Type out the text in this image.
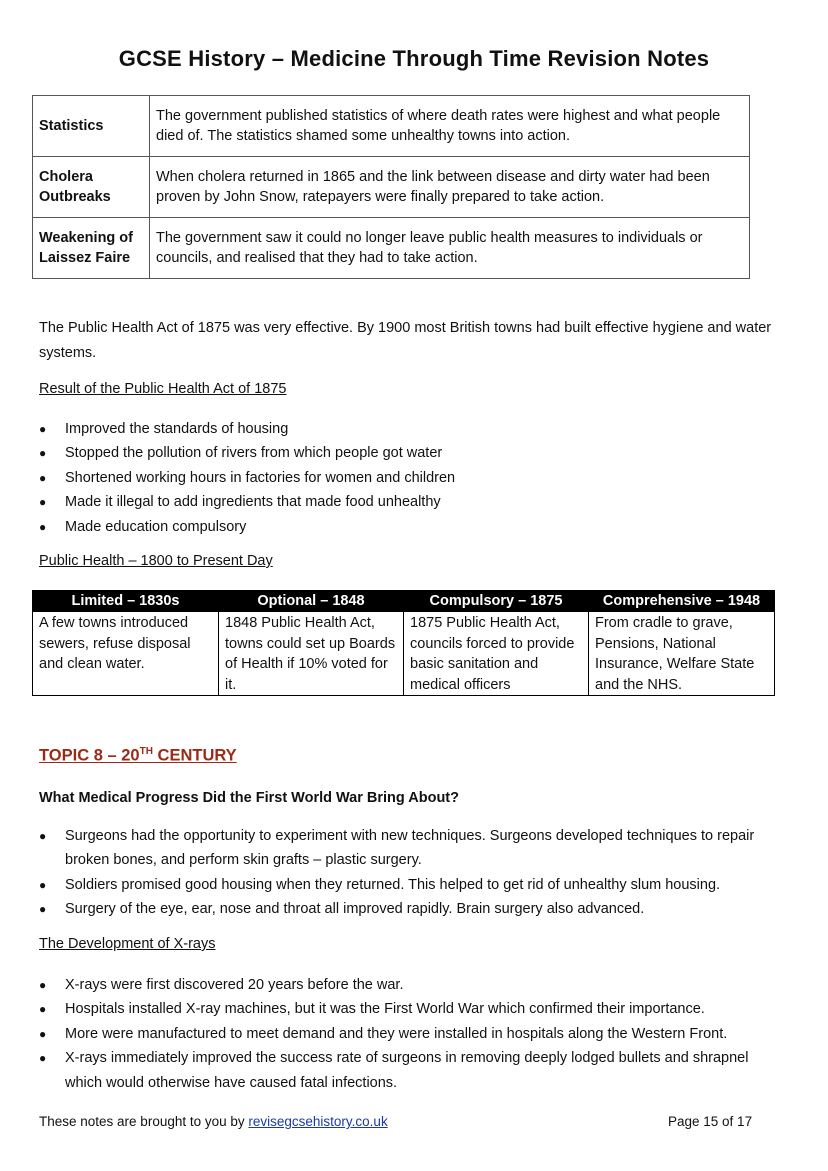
GCSE History – Medicine Through Time Revision Notes
Statistics	The government published statistics of where death rates were highest and what people died of. The statistics shamed some unhealthy towns into action.
Cholera Outbreaks	When cholera returned in 1865 and the link between disease and dirty water had been proven by John Snow, ratepayers were finally prepared to take action.
Weakening of Laissez Faire	The government saw it could no longer leave public health measures to individuals or councils, and realised that they had to take action.
The Public Health Act of 1875 was very effective. By 1900 most British towns had built effective hygiene and water systems.
Result of the Public Health Act of 1875
● Improved the standards of housing
● Stopped the pollution of rivers from which people got water
● Shortened working hours in factories for women and children
● Made it illegal to add ingredients that made food unhealthy
● Made education compulsory
Public Health – 1800 to Present Day
Limited – 1830s	Optional – 1848	Compulsory – 1875	Comprehensive – 1948
A few towns introduced sewers, refuse disposal and clean water.	1848 Public Health Act, towns could set up Boards of Health if 10% voted for it.	1875 Public Health Act, councils forced to provide basic sanitation and medical officers	From cradle to grave, Pensions, National Insurance, Welfare State and the NHS.
TOPIC 8 – 20TH CENTURY
What Medical Progress Did the First World War Bring About?
● Surgeons had the opportunity to experiment with new techniques. Surgeons developed techniques to repair broken bones, and perform skin grafts – plastic surgery.
● Soldiers promised good housing when they returned. This helped to get rid of unhealthy slum housing.
● Surgery of the eye, ear, nose and throat all improved rapidly. Brain surgery also advanced.
The Development of X-rays
● X-rays were first discovered 20 years before the war.
● Hospitals installed X-ray machines, but it was the First World War which confirmed their importance.
● More were manufactured to meet demand and they were installed in hospitals along the Western Front.
● X-rays immediately improved the success rate of surgeons in removing deeply lodged bullets and shrapnel which would otherwise have caused fatal infections.
These notes are brought to you by revisegcsehistory.co.uk	Page 15 of 17
